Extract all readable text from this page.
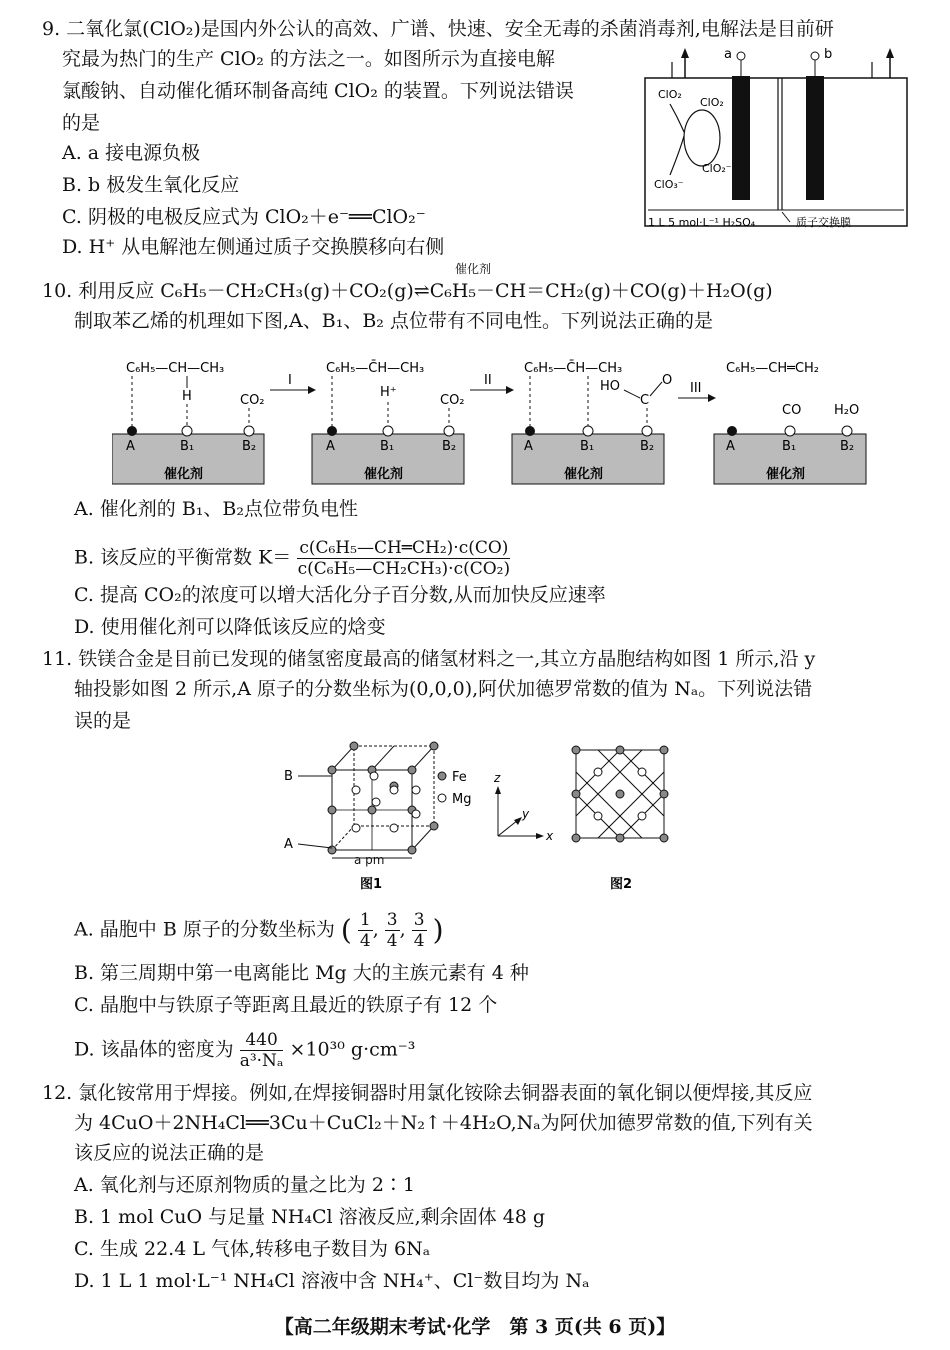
9. 二氧化氯(ClO₂)是国内外公认的高效、广谱、快速、安全无毒的杀菌消毒剂,电解法是目前研
究最为热门的生产 ClO₂ 的方法之一。如图所示为直接电解
氯酸钠、自动催化循环制备高纯 ClO₂ 的装置。下列说法错误
的是
A. a 接电源负极
B. b 极发生氧化反应
C. 阴极的电极反应式为 ClO₂＋e⁻══ClO₂⁻
D. H⁺ 从电解池左侧通过质子交换膜移向右侧
a	b
ClO₂
ClO₂
ClO₂⁻
ClO₃⁻
1 L 5 mol·L⁻¹ H₂SO₄	质子交换膜
10. 利用反应 C₆H₅－CH₂CH₃(g)＋CO₂(g)⇌C₆H₅－CH＝CH₂(g)＋CO(g)＋H₂O(g)
催化剂
制取苯乙烯的机理如下图,A、B₁、B₂ 点位带有不同电性。下列说法正确的是
C₆H₅—CH—CH₃
H	CO₂
A	B₁	B₂
催化剂
I
C₆H₅—C̄H—CH₃
H⁺
CO₂
A	B₁	B₂
催化剂
II
C₆H₅—C̄H—CH₃
HO	O
C
A	B₁	B₂
催化剂
III
C₆H₅—CH═CH₂
CO	H₂O
A	B₁	B₂
催化剂
A. 催化剂的 B₁、B₂点位带负电性
B. 该反应的平衡常数 $K= \frac{\text{c(C₆H₅—CH═CH₂)·c(CO)}}{\text{c(C₆H₅—CH₂CH₃)·c(CO₂)}}$
C. 提高 CO₂的浓度可以增大活化分子百分数,从而加快反应速率
D. 使用催化剂可以降低该反应的焓变
11. 铁镁合金是目前已发现的储氢密度最高的储氢材料之一,其立方晶胞结构如图 1 所示,沿 y
轴投影如图 2 所示,A 原子的分数坐标为(0,0,0),阿伏加德罗常数的值为 Nₐ。下列说法错
误的是
B
A
a pm
Fe
Mg
z
x
y
图1	图2
A. 晶胞中 B 原子的分数坐标为 ( $\frac{1}{4}$ , $\frac{3}{4}$ , $\frac{3}{4}$ )
B. 第三周期中第一电离能比 Mg 大的主族元素有 4 种
C. 晶胞中与铁原子等距离且最近的铁原子有 12 个
D. 该晶体的密度为 $\frac{440}{\text{a³·Nₐ}} \times 10^{30}$ g·cm⁻³
12. 氯化铵常用于焊接。例如,在焊接铜器时用氯化铵除去铜器表面的氧化铜以便焊接,其反应
为 4CuO＋2NH₄Cl══3Cu＋CuCl₂＋N₂↑＋4H₂O,Nₐ为阿伏加德罗常数的值,下列有关
该反应的说法正确的是
A. 氧化剂与还原剂物质的量之比为 2∶1
B. 1 mol CuO 与足量 NH₄Cl 溶液反应,剩余固体 48 g
C. 生成 22.4 L 气体,转移电子数目为 6Nₐ
D. 1 L 1 mol·L⁻¹ NH₄Cl 溶液中含 NH₄⁺、Cl⁻数目均为 Nₐ
【高二年级期末考试·化学　第 3 页(共 6 页)】
